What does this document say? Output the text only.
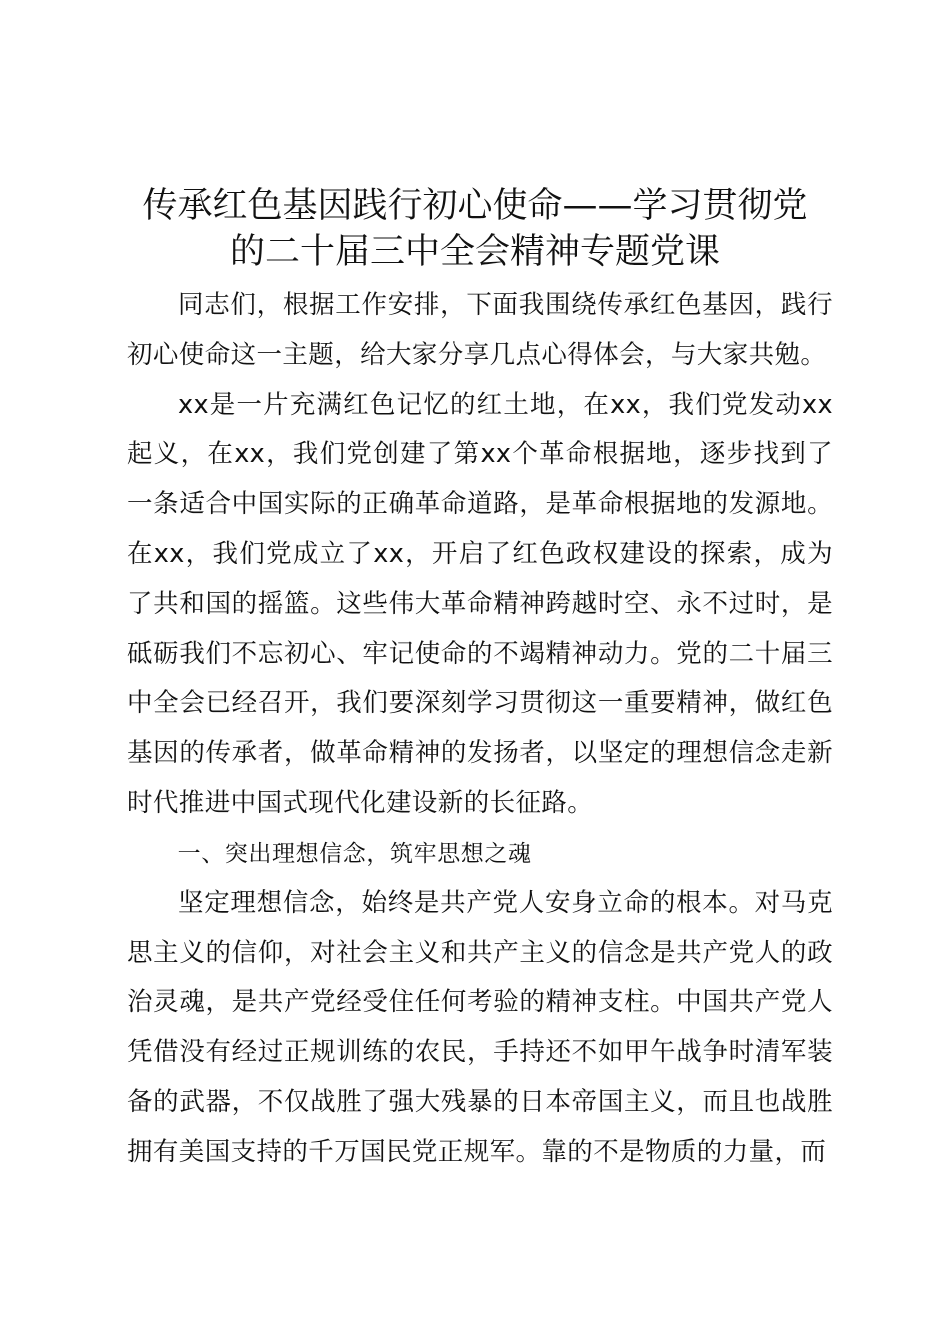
传承红色基因践行初心使命——学习贯彻党
的二十届三中全会精神专题党课

同志们，根据工作安排，下面我围绕传承红色基因，践行初心使命这一主题，给大家分享几点心得体会，与大家共勉。

xx是一片充满红色记忆的红土地，在xx，我们党发动xx起义，在xx，我们党创建了第xx个革命根据地，逐步找到了一条适合中国实际的正确革命道路，是革命根据地的发源地。在xx，我们党成立了xx，开启了红色政权建设的探索，成为了共和国的摇篮。这些伟大革命精神跨越时空、永不过时，是砥砺我们不忘初心、牢记使命的不竭精神动力。党的二十届三中全会已经召开，我们要深刻学习贯彻这一重要精神，做红色基因的传承者，做革命精神的发扬者，以坚定的理想信念走新时代推进中国式现代化建设新的长征路。

一、突出理想信念，筑牢思想之魂

坚定理想信念，始终是共产党人安身立命的根本。对马克思主义的信仰，对社会主义和共产主义的信念是共产党人的政治灵魂，是共产党经受住任何考验的精神支柱。中国共产党人凭借没有经过正规训练的农民，手持还不如甲午战争时清军装备的武器，不仅战胜了强大残暴的日本帝国主义，而且也战胜拥有美国支持的千万国民党正规军。靠的不是物质的力量，而
